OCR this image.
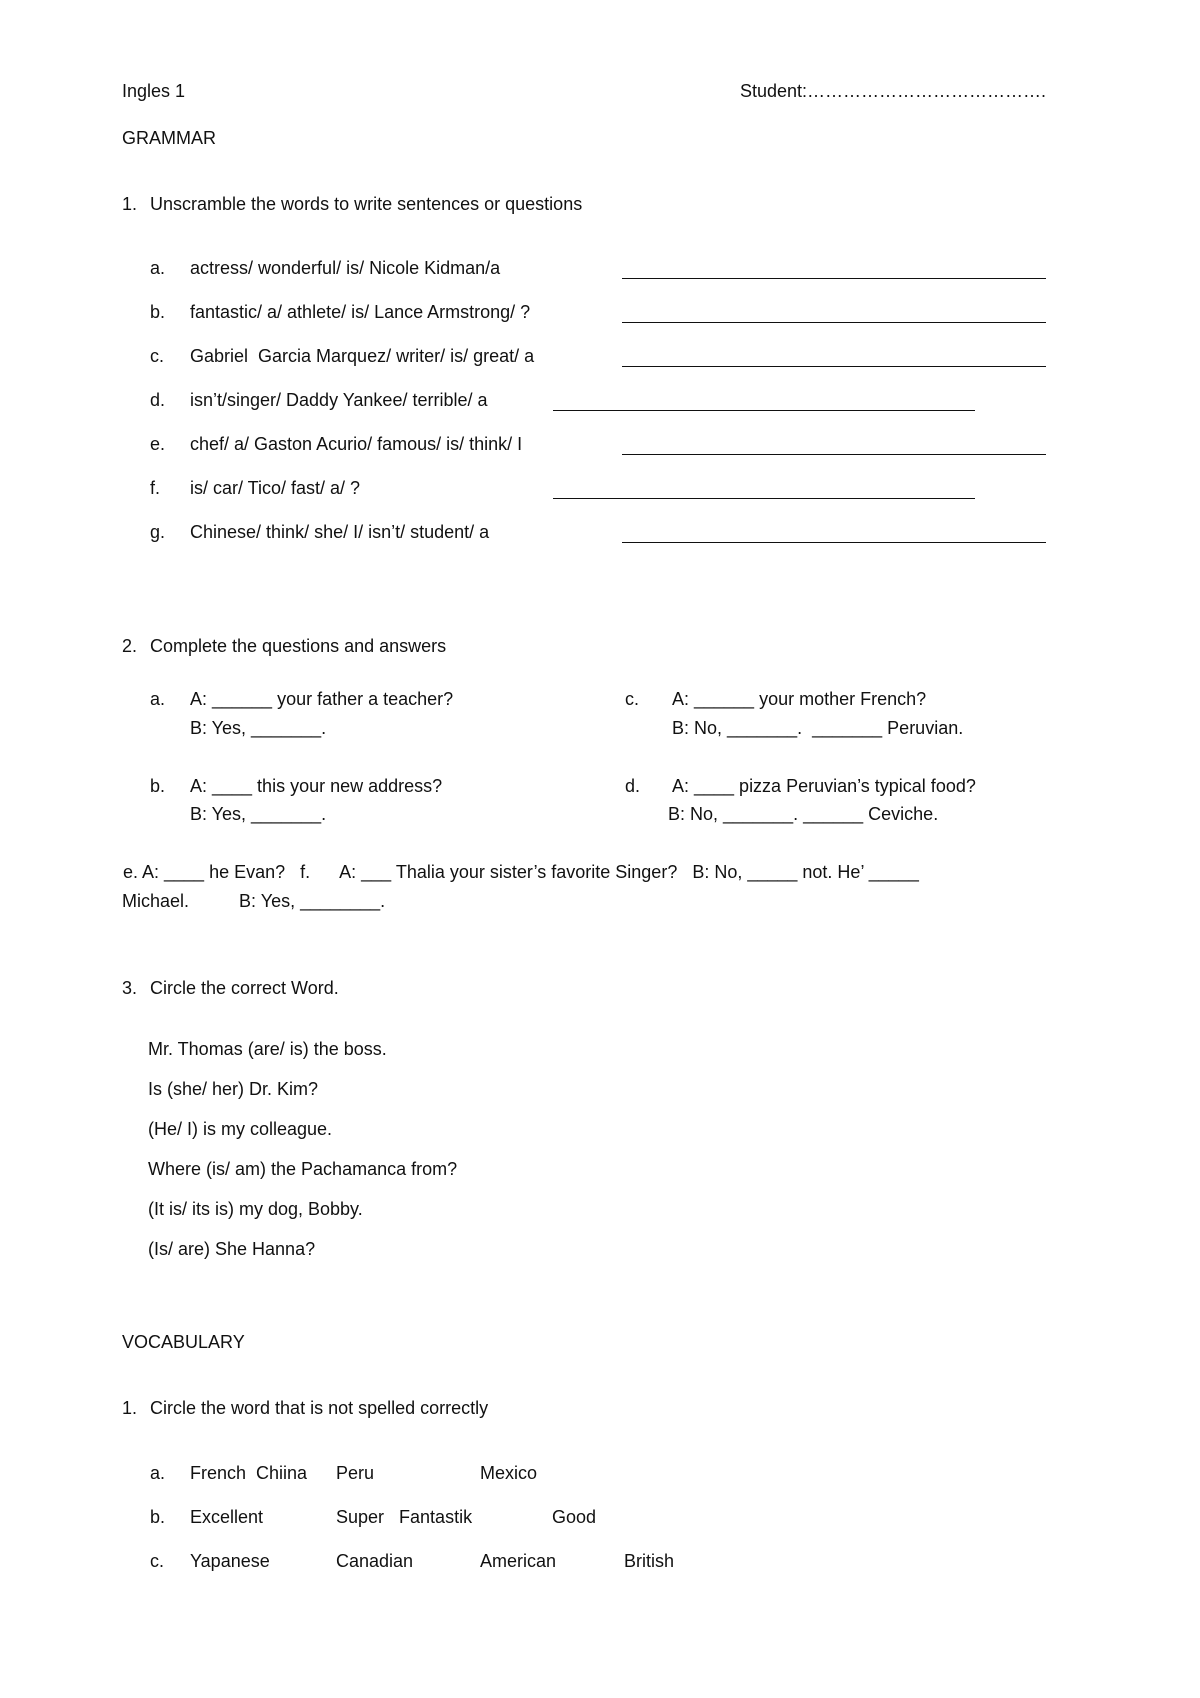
Ingles 1	Student:………………………………….
GRAMMAR
1. Unscramble the words to write sentences or questions
a. actress/ wonderful/ is/ Nicole Kidman/a
b. fantastic/ a/ athlete/ is/ Lance Armstrong/ ?
c. Gabriel  Garcia Marquez/ writer/ is/ great/ a
d. isn’t/singer/ Daddy Yankee/ terrible/ a
e. chef/ a/ Gaston Acurio/ famous/ is/ think/ I
f. is/ car/ Tico/ fast/ a/ ?
g. Chinese/ think/ she/ I/ isn’t/ student/ a
2. Complete the questions and answers
a. A: ______ your father a teacher?
B: Yes, _______.
c. A: ______ your mother French?
B: No, _______.  _______ Peruvian.
b. A: ____ this your new address?
B: Yes, _______.
d. A: ____ pizza Peruvian’s typical food?
B: No, _______. ______ Ceviche.
e. A: ____ he Evan?   f.      A: ___ Thalia your sister’s favorite Singer?   B: No, _____ not. He’ _____
Michael.          B: Yes, ________.
3. Circle the correct Word.
Mr. Thomas (are/ is) the boss.
Is (she/ her) Dr. Kim?
(He/ I) is my colleague.
Where (is/ am) the Pachamanca from?
(It is/ its is) my dog, Bobby.
(Is/ are) She Hanna?
VOCABULARY
1. Circle the word that is not spelled correctly
a. French  Chiina Peru	Mexico
b. Excellent	Super   Fantastik	Good
c. Yapanese	Canadian	American	British
